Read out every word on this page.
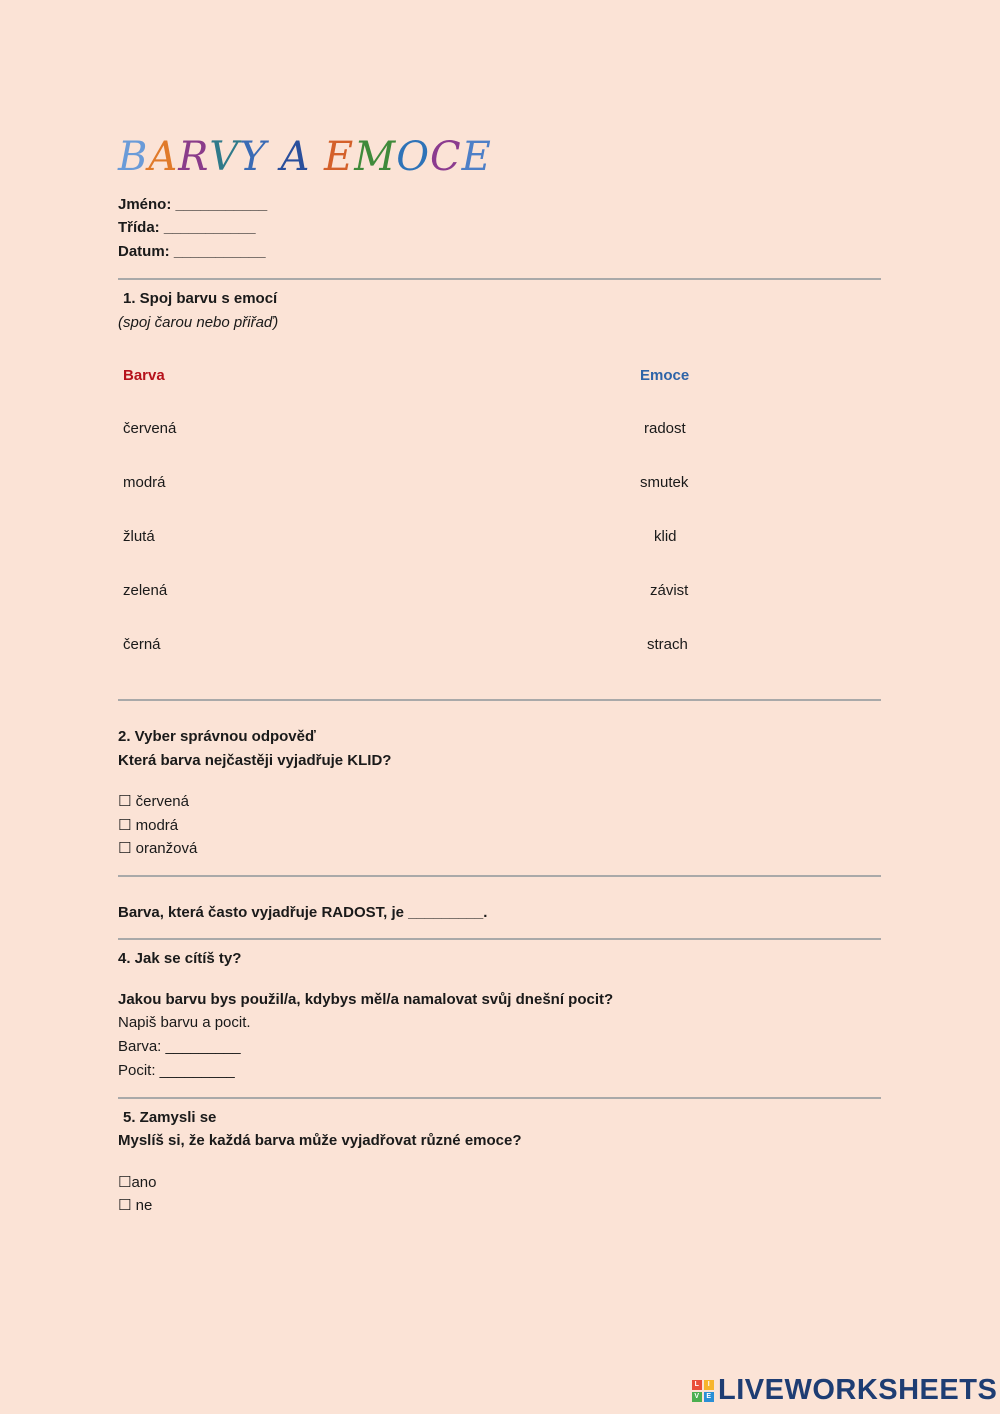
BARVY A EMOCE
Jméno: ___________
Třída: ___________
Datum: ___________
1. Spoj barvu s emocí
(spoj čarou nebo přiřaď)
Barva	Emoce
červená
modrá
žlutá
zelená
černá
radost
smutek
klid
závist
strach
2. Vyber správnou odpověď
Která barva nejčastěji vyjadřuje KLID?
☐ červená
☐ modrá
☐ oranžová
Barva, která často vyjadřuje RADOST, je _________.
4. Jak se cítíš ty?
Jakou barvu bys použil/a, kdybys měl/a namalovat svůj dnešní pocit?
Napiš barvu a pocit.
Barva: _________
Pocit: _________
5. Zamysli se
Myslíš si, že každá barva může vyjadřovat různé emoce?
☐ano
☐ ne
L	I
V E LIVEWORKSHEETS
